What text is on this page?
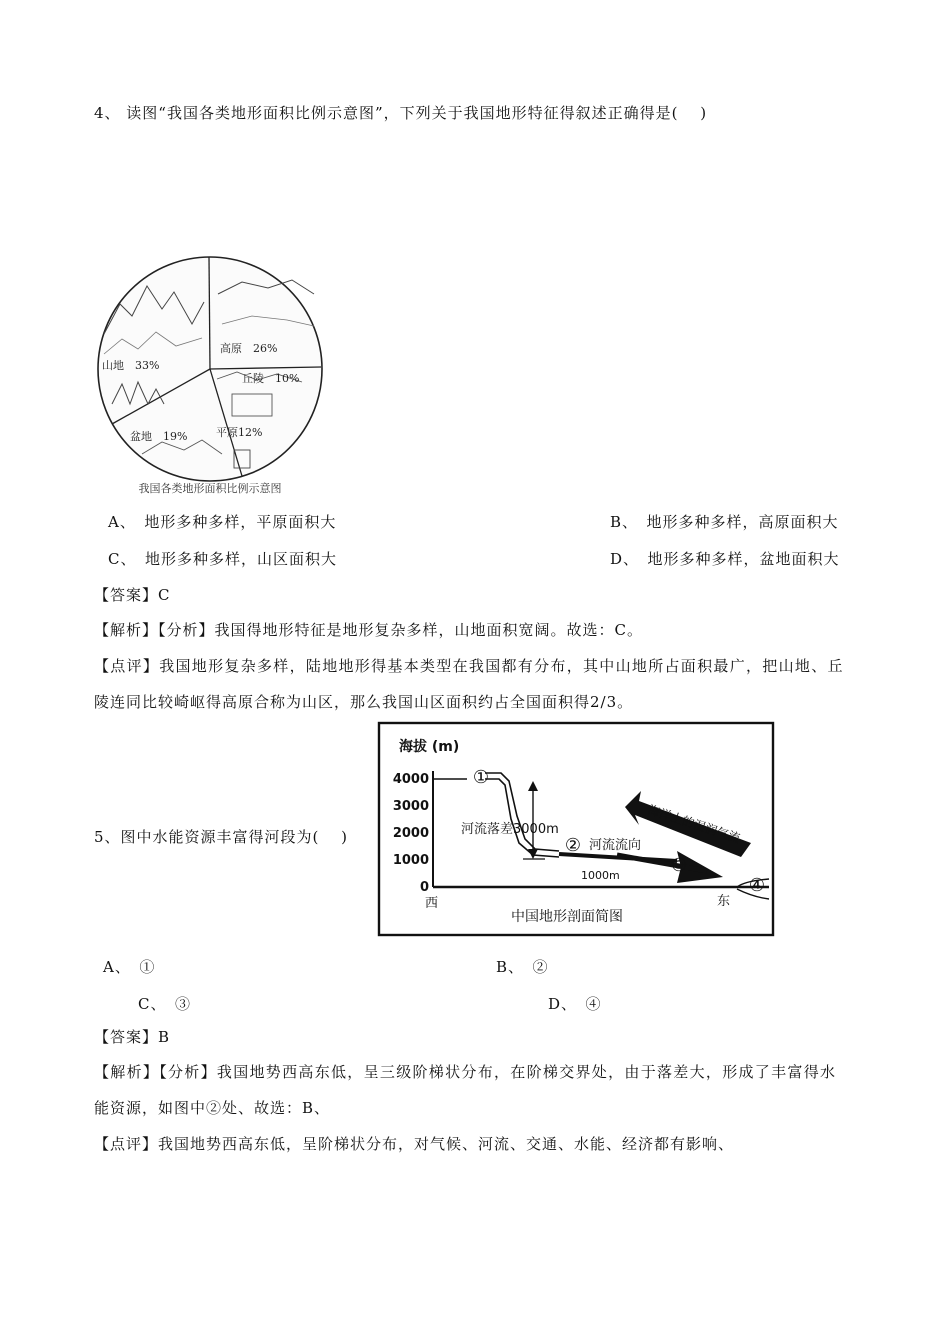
4、 读图“我国各类地形面积比例示意图”，下列关于我国地形特征得叙述正确得是(　 )
山地　33%
高原　26%
丘陵　10%
盆地　19%	平原12%
我国各类地形面积比例示意图
A、　地形多种多样，平原面积大	B、　地形多种多样，高原面积大
C、　地形多种多样，山区面积大	D、　地形多种多样，盆地面积大
【答案】C
【解析】【分析】我国得地形特征是地形复杂多样，山地面积宽阔。故选：C。
【点评】我国地形复杂多样，陆地地形得基本类型在我国都有分布，其中山地所占面积最广，把山地、丘
陵连同比较崎岖得高原合称为山区，那么我国山区面积约占全国面积得2/3。
5、图中水能资源丰富得河段为(　 )
海拔 (m)
4000
3000
2000
1000
0
①
河流落差3000m
② 河流流向
③
1000m
海洋上的湿润气流
④
西	东
中国地形剖面简图
A、　①	B、　②
C、　③	D、　④
【答案】B
【解析】【分析】我国地势西高东低，呈三级阶梯状分布，在阶梯交界处，由于落差大，形成了丰富得水
能资源，如图中②处、故选：B、
【点评】我国地势西高东低，呈阶梯状分布，对气候、河流、交通、水能、经济都有影响、
